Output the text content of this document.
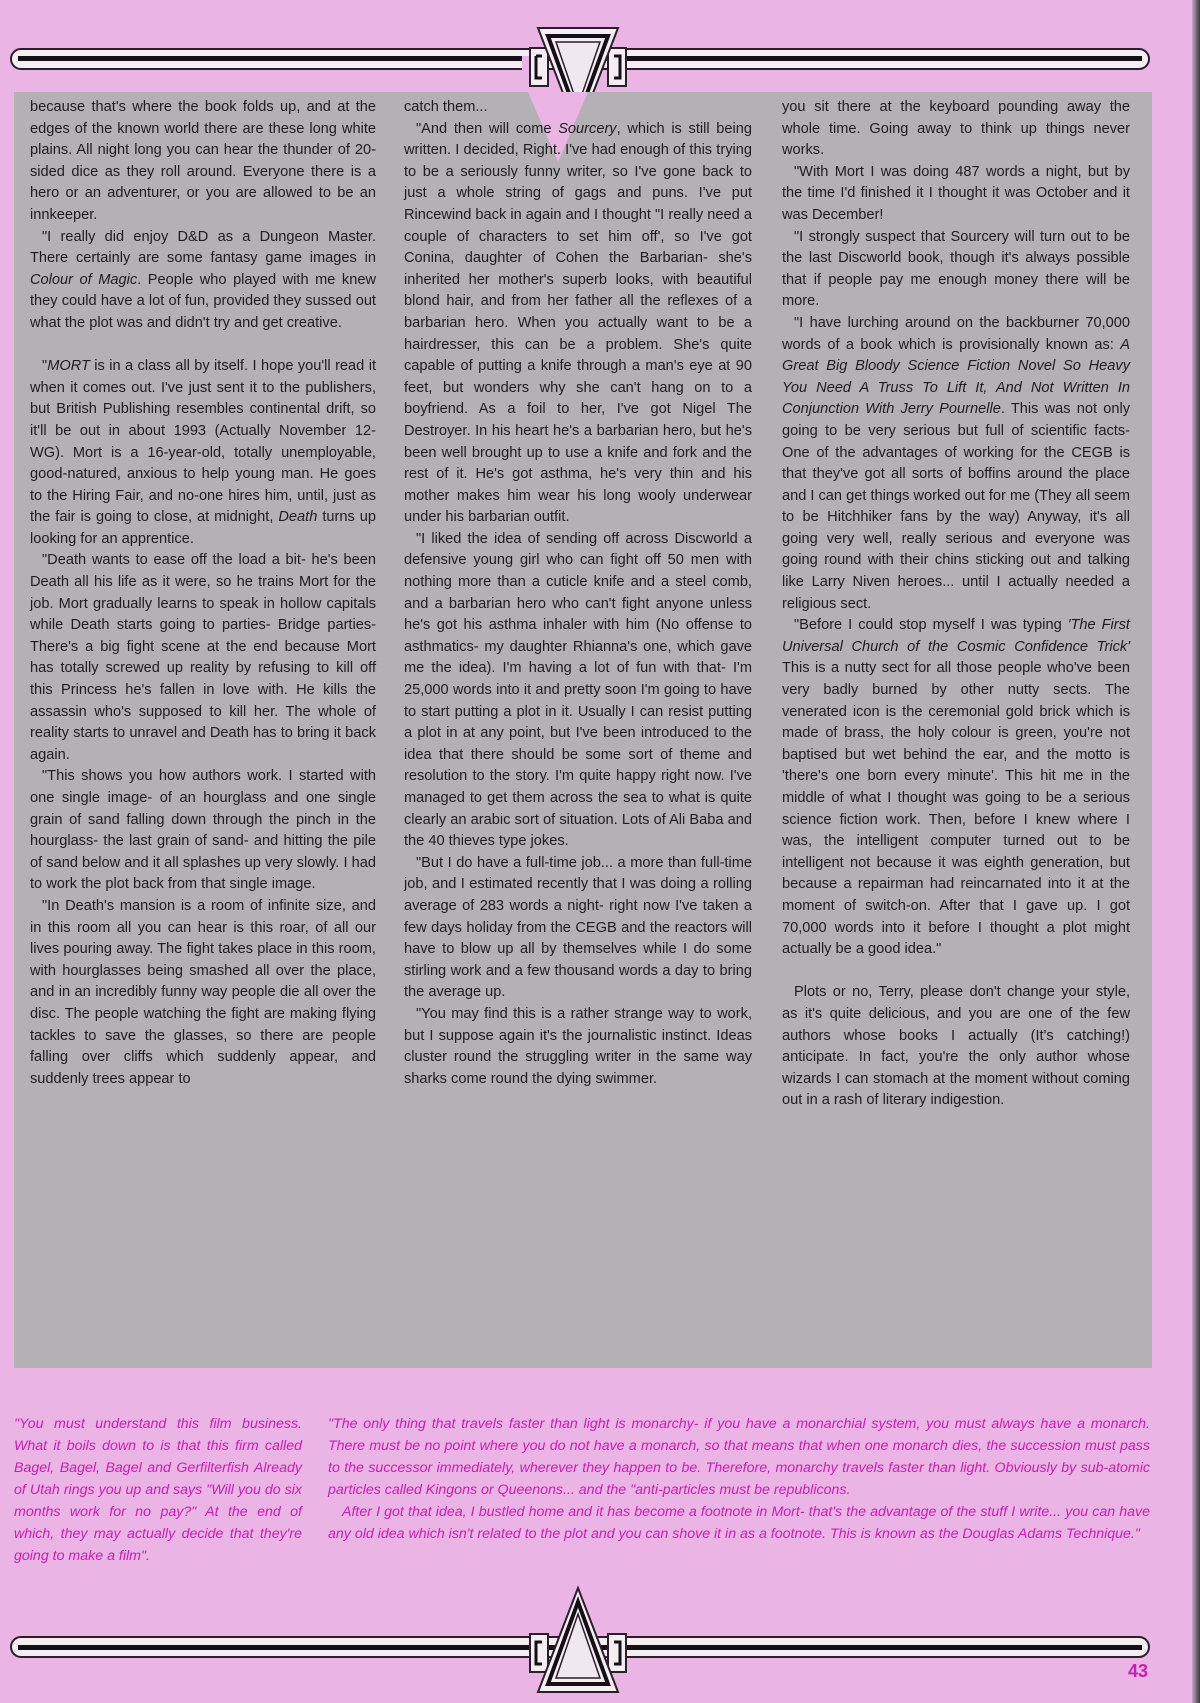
because that's where the book folds up, and at the edges of the known world there are these long white plains. All night long you can hear the thunder of 20-sided dice as they roll around. Everyone there is a hero or an adventurer, or you are allowed to be an innkeeper.

"I really did enjoy D&D as a Dungeon Master. There certainly are some fantasy game images in Colour of Magic. People who played with me knew they could have a lot of fun, provided they sussed out what the plot was and didn't try and get creative.

"MORT is in a class all by itself. I hope you'll read it when it comes out. I've just sent it to the publishers, but British Publishing resembles continental drift, so it'll be out in about 1993 (Actually November 12- WG). Mort is a 16-year-old, totally unemployable, good-natured, anxious to help young man. He goes to the Hiring Fair, and no-one hires him, until, just as the fair is going to close, at midnight, Death turns up looking for an apprentice.

"Death wants to ease off the load a bit- he's been Death all his life as it were, so he trains Mort for the job. Mort gradually learns to speak in hollow capitals while Death starts going to parties- Bridge parties- There's a big fight scene at the end because Mort has totally screwed up reality by refusing to kill off this Princess he's fallen in love with. He kills the assassin who's supposed to kill her. The whole of reality starts to unravel and Death has to bring it back again.

"This shows you how authors work. I started with one single image- of an hourglass and one single grain of sand falling down through the pinch in the hourglass- the last grain of sand- and hitting the pile of sand below and it all splashes up very slowly. I had to work the plot back from that single image.

"In Death's mansion is a room of infinite size, and in this room all you can hear is this roar, of all our lives pouring away. The fight takes place in this room, with hourglasses being smashed all over the place, and in an incredibly funny way people die all over the disc. The people watching the fight are making flying tackles to save the glasses, so there are people falling over cliffs which suddenly appear, and suddenly trees appear to

catch them...

"And then will come Sourcery, which is still being written. I decided, Right. I've had enough of this trying to be a seriously funny writer, so I've gone back to just a whole string of gags and puns. I've put Rincewind back in again and I thought "I really need a couple of characters to set him off', so I've got Conina, daughter of Cohen the Barbarian- she's inherited her mother's superb looks, with beautiful blond hair, and from her father all the reflexes of a barbarian hero. When you actually want to be a hairdresser, this can be a problem. She's quite capable of putting a knife through a man's eye at 90 feet, but wonders why she can't hang on to a boyfriend. As a foil to her, I've got Nigel The Destroyer. In his heart he's a barbarian hero, but he's been well brought up to use a knife and fork and the rest of it. He's got asthma, he's very thin and his mother makes him wear his long wooly underwear under his barbarian outfit.

"I liked the idea of sending off across Discworld a defensive young girl who can fight off 50 men with nothing more than a cuticle knife and a steel comb, and a barbarian hero who can't fight anyone unless he's got his asthma inhaler with him (No offense to asthmatics- my daughter Rhianna's one, which gave me the idea). I'm having a lot of fun with that- I'm 25,000 words into it and pretty soon I'm going to have to start putting a plot in it. Usually I can resist putting a plot in at any point, but I've been introduced to the idea that there should be some sort of theme and resolution to the story. I'm quite happy right now. I've managed to get them across the sea to what is quite clearly an arabic sort of situation. Lots of Ali Baba and the 40 thieves type jokes.

"But I do have a full-time job... a more than full-time job, and I estimated recently that I was doing a rolling average of 283 words a night- right now I've taken a few days holiday from the CEGB and the reactors will have to blow up all by themselves while I do some stirling work and a few thousand words a day to bring the average up.

"You may find this is a rather strange way to work, but I suppose again it's the journalistic instinct. Ideas cluster round the struggling writer in the same way sharks come round the dying swimmer.

you sit there at the keyboard pounding away the whole time. Going away to think up things never works.

"With Mort I was doing 487 words a night, but by the time I'd finished it I thought it was October and it was December!

"I strongly suspect that Sourcery will turn out to be the last Discworld book, though it's always possible that if people pay me enough money there will be more.

"I have lurching around on the backburner 70,000 words of a book which is provisionally known as: A Great Big Bloody Science Fiction Novel So Heavy You Need A Truss To Lift It, And Not Written In Conjunction With Jerry Pournelle. This was not only going to be very serious but full of scientific facts- One of the advantages of working for the CEGB is that they've got all sorts of boffins around the place and I can get things worked out for me (They all seem to be Hitchhiker fans by the way) Anyway, it's all going very well, really serious and everyone was going round with their chins sticking out and talking like Larry Niven heroes... until I actually needed a religious sect.

"Before I could stop myself I was typing 'The First Universal Church of the Cosmic Confidence Trick' This is a nutty sect for all those people who've been very badly burned by other nutty sects. The venerated icon is the ceremonial gold brick which is made of brass, the holy colour is green, you're not baptised but wet behind the ear, and the motto is 'there's one born every minute'. This hit me in the middle of what I thought was going to be a serious science fiction work. Then, before I knew where I was, the intelligent computer turned out to be intelligent not because it was eighth generation, but because a repairman had reincarnated into it at the moment of switch-on. After that I gave up. I got 70,000 words into it before I thought a plot might actually be a good idea."

Plots or no, Terry, please don't change your style, as it's quite delicious, and you are one of the few authors whose books I actually (It's catching!) anticipate. In fact, you're the only author whose wizards I can stomach at the moment without coming out in a rash of literary indigestion.

"You must understand this film business. What it boils down to is that this firm called Bagel, Bagel, Bagel and Gerfilterfish Already of Utah rings you up and says "Will you do six months work for no pay?" At the end of which, they may actually decide that they're going to make a film".

"The only thing that travels faster than light is monarchy- if you have a monarchial system, you must always have a monarch. There must be no point where you do not have a monarch, so that means that when one monarch dies, the succession must pass to the successor immediately, wherever they happen to be. Therefore, monarchy travels faster than light. Obviously by sub-atomic particles called Kingons or Queenons... and the "anti-particles must be republicons.

After I got that idea, I bustled home and it has become a footnote in Mort- that's the advantage of the stuff I write... you can have any old idea which isn't related to the plot and you can shove it in as a footnote. This is known as the Douglas Adams Technique."

43
